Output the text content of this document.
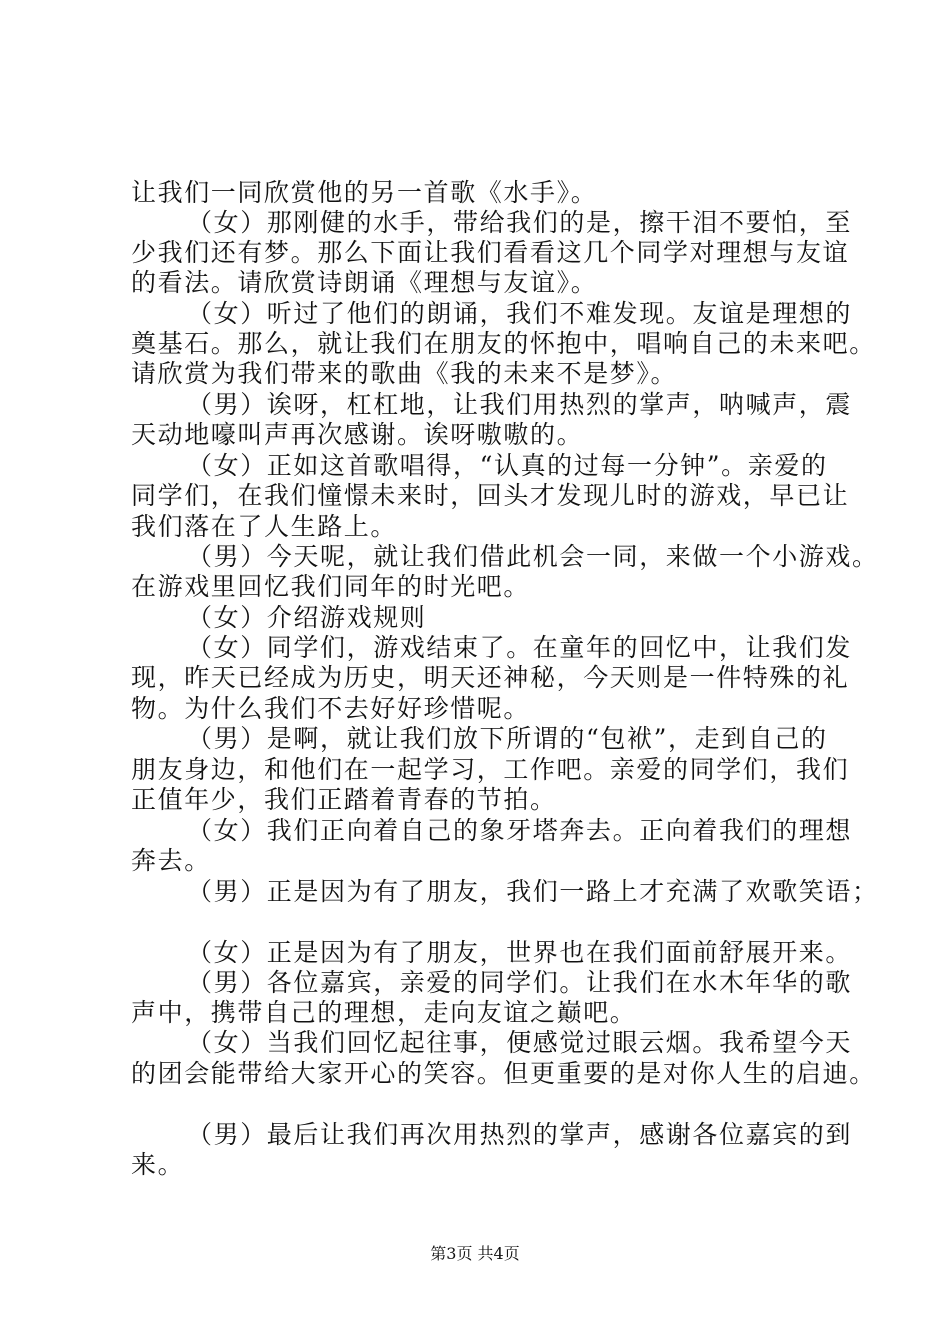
让我们一同欣赏他的另一首歌《水手》。
（女）那刚健的水手，带给我们的是，擦干泪不要怕，至
少我们还有梦。那么下面让我们看看这几个同学对理想与友谊
的看法。请欣赏诗朗诵《理想与友谊》。
（女）听过了他们的朗诵，我们不难发现。友谊是理想的
奠基石。那么，就让我们在朋友的怀抱中，唱响自己的未来吧。
请欣赏为我们带来的歌曲《我的未来不是梦》。
（男）诶呀，杠杠地，让我们用热烈的掌声，呐喊声，震
天动地嚎叫声再次感谢。诶呀嗷嗷的。
（女）正如这首歌唱得，“认真的过每一分钟”。亲爱的
同学们，在我们憧憬未来时，回头才发现儿时的游戏，早已让
我们落在了人生路上。
（男）今天呢，就让我们借此机会一同，来做一个小游戏。
在游戏里回忆我们同年的时光吧。
（女）介绍游戏规则
（女）同学们，游戏结束了。在童年的回忆中，让我们发
现，昨天已经成为历史，明天还神秘，今天则是一件特殊的礼
物。为什么我们不去好好珍惜呢。
（男）是啊，就让我们放下所谓的“包袱”，走到自己的
朋友身边，和他们在一起学习，工作吧。亲爱的同学们，我们
正值年少，我们正踏着青春的节拍。
（女）我们正向着自己的象牙塔奔去。正向着我们的理想
奔去。
（男）正是因为有了朋友，我们一路上才充满了欢歌笑语；
（女）正是因为有了朋友，世界也在我们面前舒展开来。
（男）各位嘉宾，亲爱的同学们。让我们在水木年华的歌
声中，携带自己的理想，走向友谊之巅吧。
（女）当我们回忆起往事，便感觉过眼云烟。我希望今天
的团会能带给大家开心的笑容。但更重要的是对你人生的启迪。
（男）最后让我们再次用热烈的掌声，感谢各位嘉宾的到
来。
第3页 共4页
